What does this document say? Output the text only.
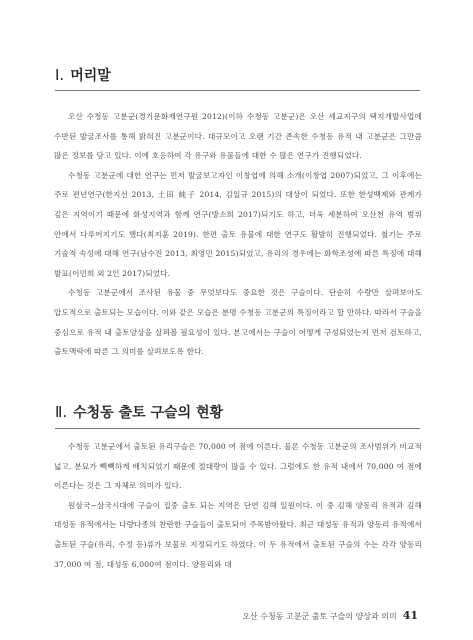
Ⅰ. 머리말

오산 수청동 고분군(경기문화재연구원 2012)(이하 수청동 고분군)은 오산 세교지구의 택지개발사업에 수반된 발굴조사를 통해 밝혀진 고분군이다. 대규모이고 오랜 기간 존속한 수청동 유적 내 고분군은 그만큼 많은 정보를 담고 있다. 이에 호응하여 각 유구와 유물들에 대한 수 많은 연구가 진행되었다.

수청동 고분군에 대한 연구는 먼저 발굴보고자인 이창엽에 의해 소개(이창엽 2007)되었고, 그 이후에는 주로 편년연구(한지선 2013, 土田 純子 2014, 김일규 2015)의 대상이 되었다. 또한 한성백제와 관계가 깊은 지역이기 때문에 화성지역과 함께 연구(방소희 2017)되기도 하고, 더욱 세분하여 오산천 유역 범위 안에서 다루어지기도 했다(최지훈 2019). 한편 출토 유물에 대한 연구도 활발히 진행되었다. 철기는 주로 기술적 속성에 대해 연구(남수진 2013, 최영민 2015)되었고, 유리의 경우에는 화학조성에 따른 특징에 대해 발표(이민희 외 2인 2017)되었다.

수청동 고분군에서 조사된 유물 중 무엇보다도 중요한 것은 구슬이다. 단순히 수량만 살펴보아도 압도적으로 출토되는 모습이다. 이와 같은 모습은 분명 수청동 고분군의 특징이라고 할 만하다. 따라서 구슬을 중심으로 유적 내 출토양상을 살펴볼 필요성이 있다. 본고에서는 구슬이 어떻게 구성되었는지 먼저 검토하고, 출토맥락에 따른 그 의미를 살펴보도록 한다.

Ⅱ. 수청동 출토 구슬의 현황

수청동 고분군에서 출토된 유리구슬은 70,000 여 점에 이른다. 물론 수청동 고분군의 조사범위가 비교적 넓고, 분묘가 빽빽하게 배치되었기 때문에 절대량이 많을 수 있다. 그럼에도 한 유적 내에서 70,000 여 점에 이른다는 것은 그 자체로 의미가 있다.

원삼국~삼국시대에 구슬이 집중 출토 되는 지역은 단연 김해 일원이다. 이 중 김해 양동리 유적과 김해 대성동 유적에서는 다량다종의 찬란한 구슬들이 출토되어 주목받아왔다. 최근 대성동 유적과 양동리 유적에서 출토된 구슬(유리, 수정 등)류가 보물로 지정되기도 하였다. 이 두 유적에서 출토된 구슬의 수는 각각 양동리 37,000 여 점, 대성동 6,000여 점이다. 양동리와 대

오산 수청동 고분군 출토 구슬의 양상과 의미 41
